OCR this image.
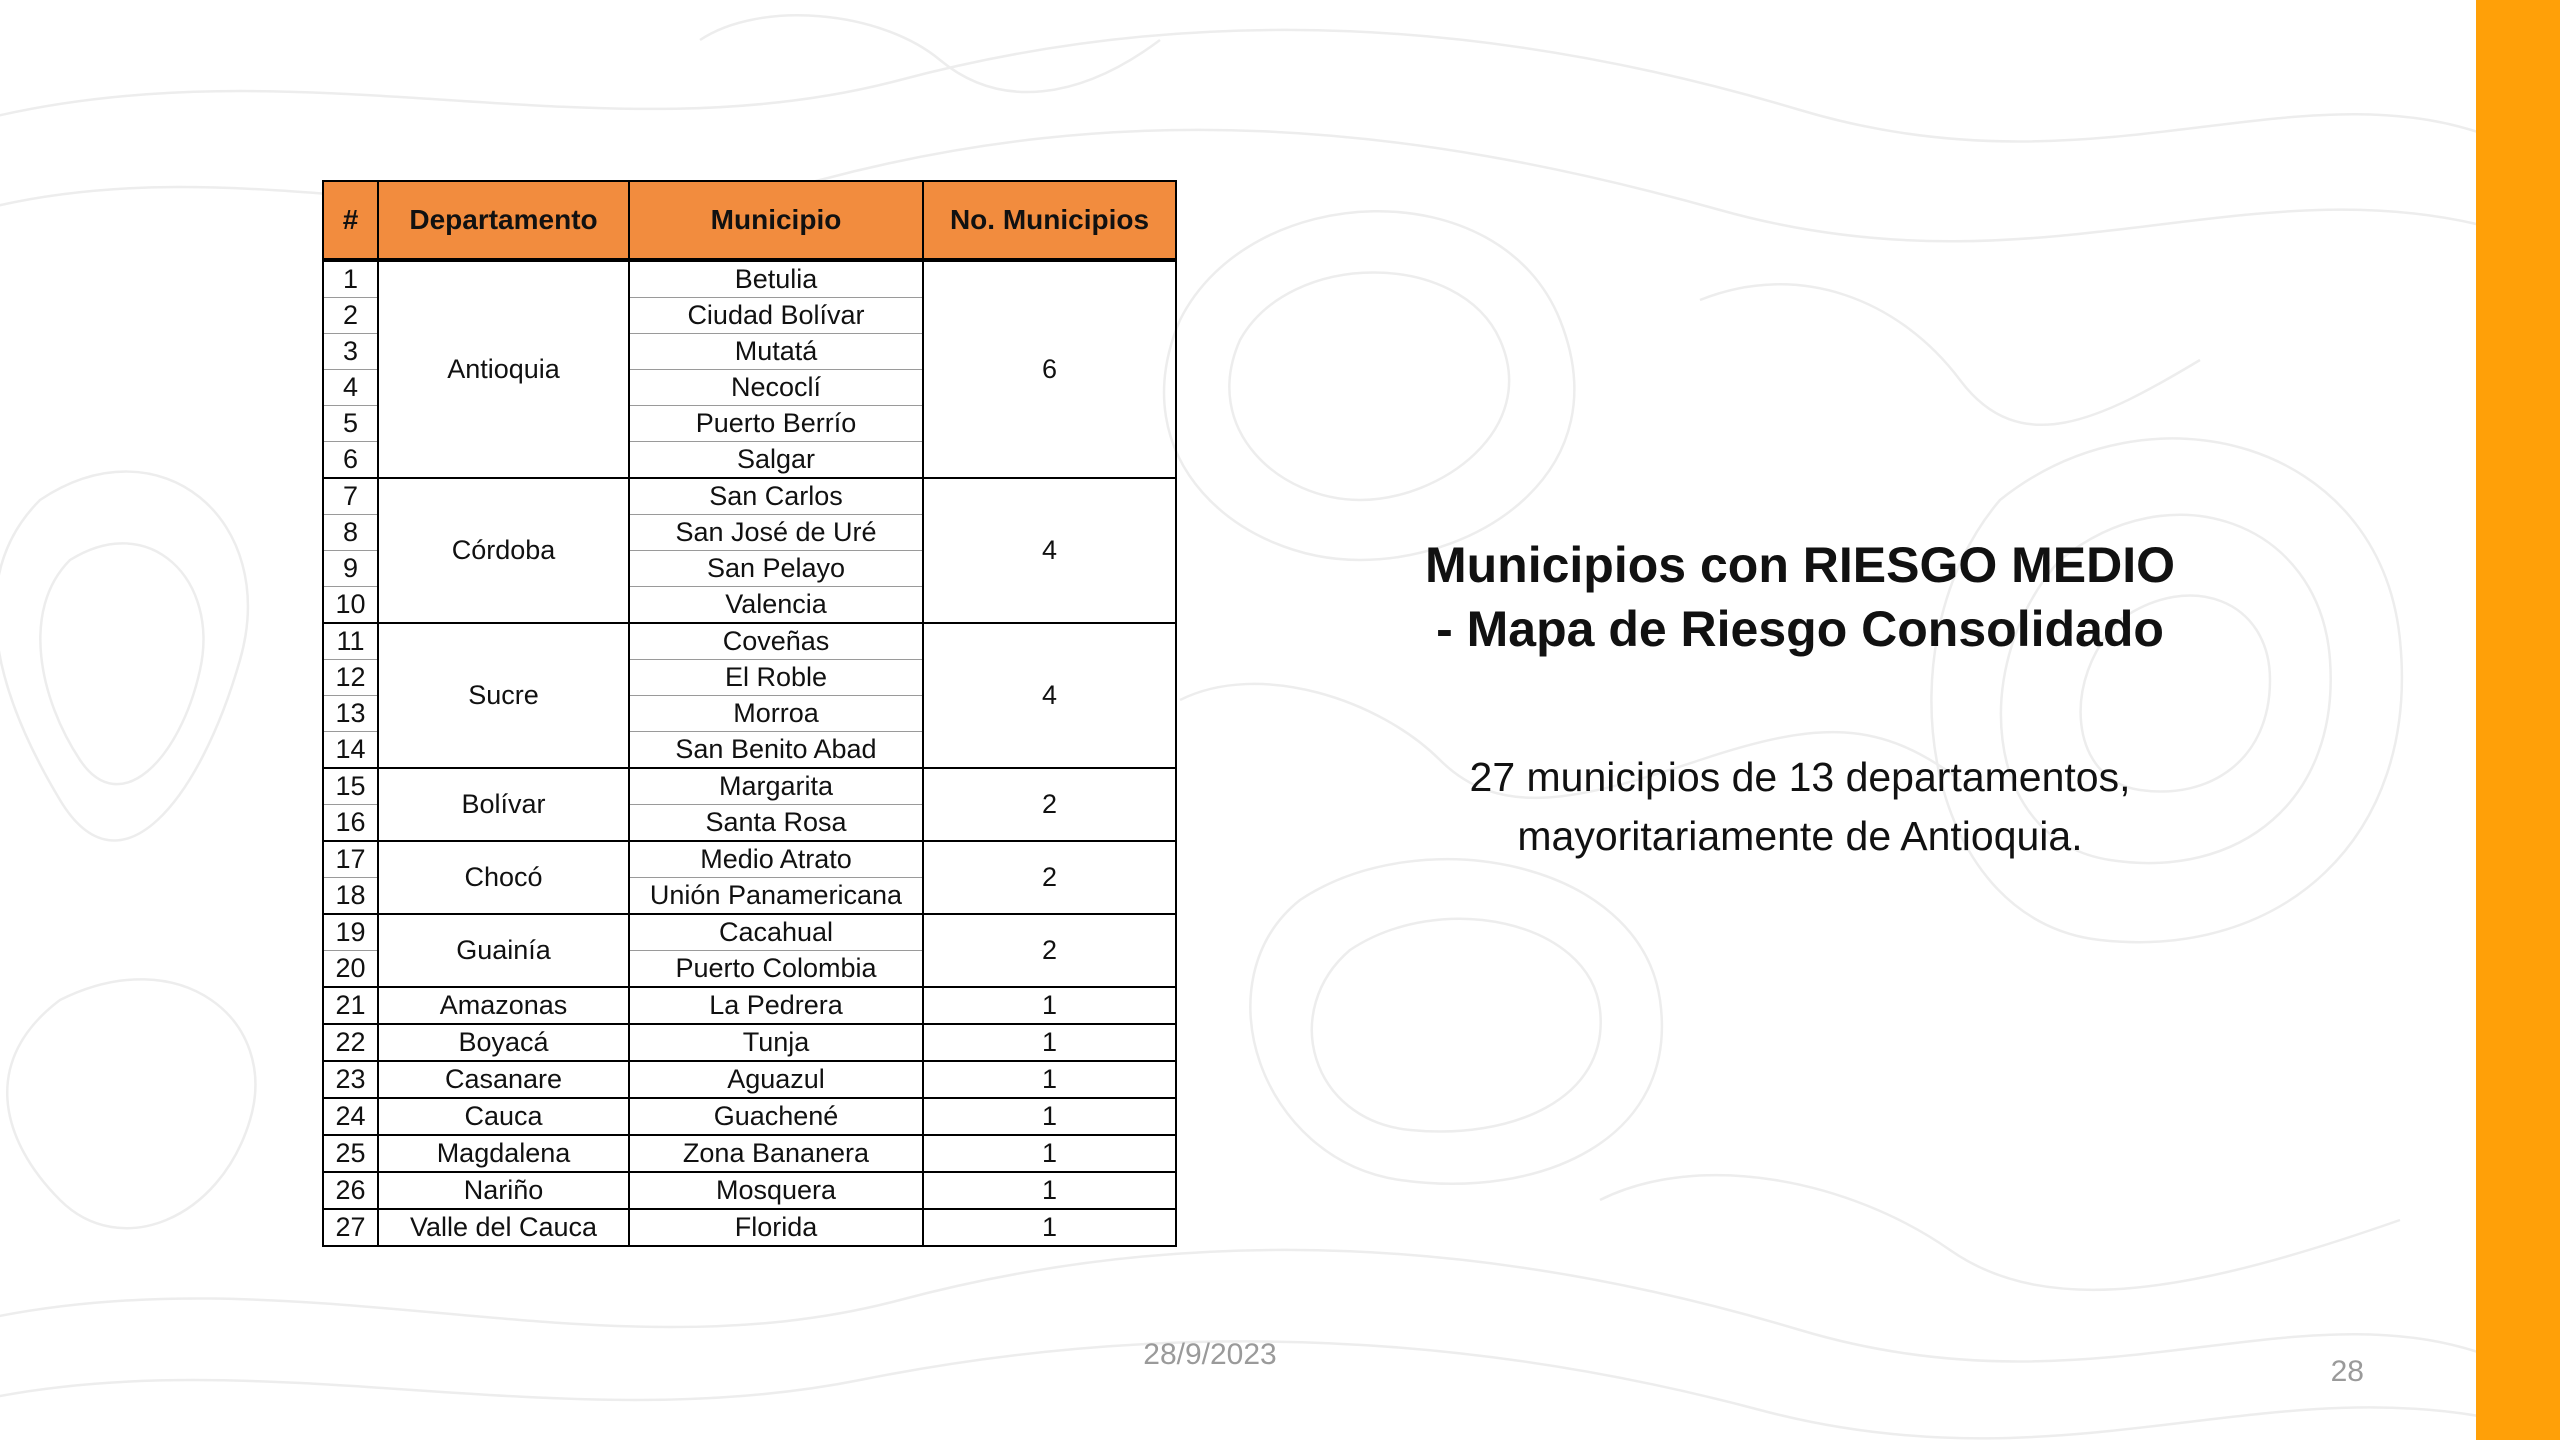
#	Departamento	Municipio	No. Municipios
1	Antioquia	Betulia	6
2		Ciudad Bolívar	
3		Mutatá	
4		Necoclí	
5		Puerto Berrío	
6		Salgar	
7	Córdoba	San Carlos	4
8		San José de Uré	
9		San Pelayo	
10		Valencia	
11	Sucre	Coveñas	4
12		El Roble	
13		Morroa	
14		San Benito Abad	
15	Bolívar	Margarita	2
16		Santa Rosa	
17	Chocó	Medio Atrato	2
18		Unión Panamericana	
19	Guainía	Cacahual	2
20		Puerto Colombia	
21	Amazonas	La Pedrera	1
22	Boyacá	Tunja	1
23	Casanare	Aguazul	1
24	Cauca	Guachené	1
25	Magdalena	Zona Bananera	1
26	Nariño	Mosquera	1
27	Valle del Cauca	Florida	1
Municipios con RIESGO MEDIO
- Mapa de Riesgo Consolidado

27 municipios de 13 departamentos,
mayoritariamente de Antioquia.

28/9/2023
28
